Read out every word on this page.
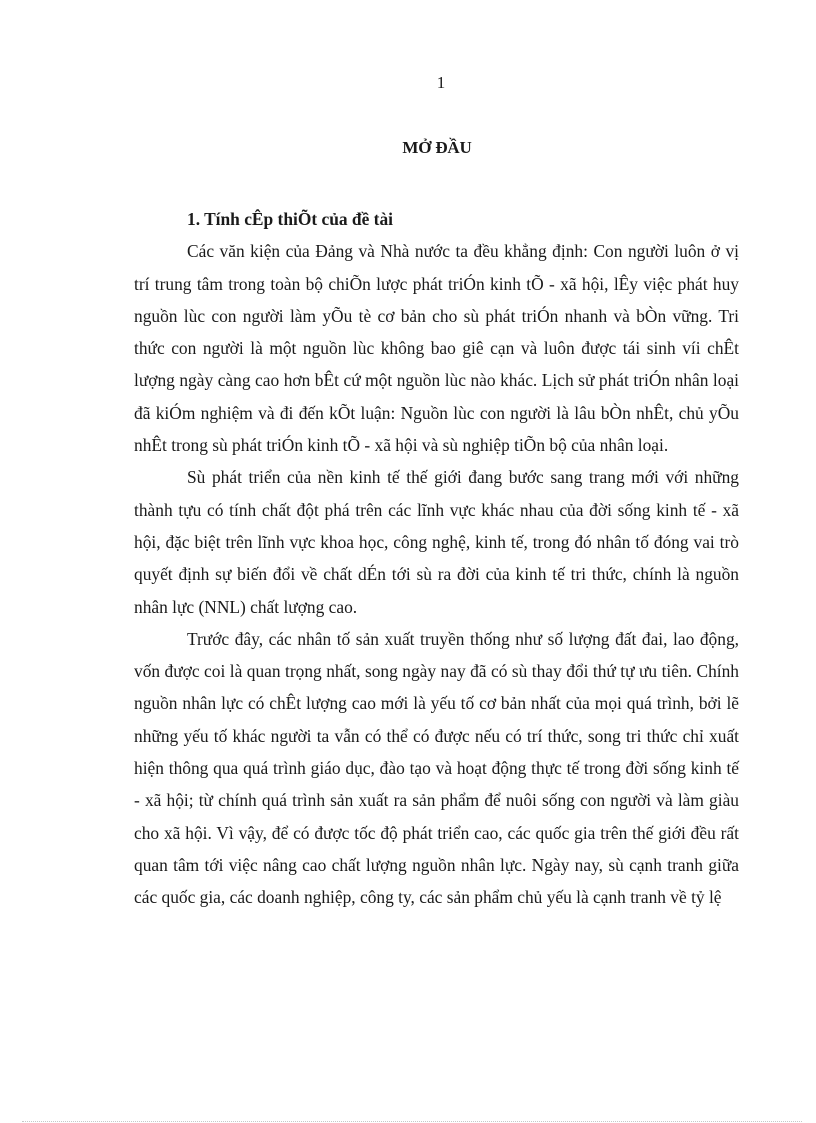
1
MỞ ĐẦU

1. Tính cÊp thiÕt của đề tài

Các văn kiện của Đảng và Nhà nước ta đều khẳng định: Con người luôn ở vị trí trung tâm trong toàn bộ chiÕn lược phát triÓn kinh tÕ - xã hội, lÊy việc phát huy nguồn lùc con người làm yÕu tè cơ bản cho sù phát triÓn nhanh và bÒn vững. Tri thức con người là một nguồn lùc không bao giê cạn và luôn được tái sinh víi chÊt lượng ngày càng cao hơn bÊt cứ một nguồn lùc nào khác. Lịch sử phát triÓn nhân loại đã kiÓm nghiệm và đi đến kÕt luận: Nguồn lùc con người là lâu bÒn nhÊt, chủ yÕu nhÊt trong sù phát triÓn kinh tÕ - xã hội và sù nghiệp tiÕn bộ của nhân loại.

Sù phát triển của nền kinh tế thế giới đang bước sang trang mới với những thành tựu có tính chất đột phá trên các lĩnh vực khác nhau của đời sống kinh tế - xã hội, đặc biệt trên lĩnh vực khoa học, công nghệ, kinh tế, trong đó nhân tố đóng vai trò quyết định sự biến đổi về chất dÉn tới sù ra đời của kinh tế tri thức, chính là nguồn nhân lực (NNL) chất lượng cao.

Trước đây, các nhân tố sản xuất truyền thống như số lượng đất đai, lao động, vốn được coi là quan trọng nhất, song ngày nay đã có sù thay đổi thứ tự ưu tiên. Chính nguồn nhân lực có chÊt lượng cao mới là yếu tố cơ bản nhất của mọi quá trình, bởi lẽ những yếu tố khác người ta vẫn có thể có được nếu có trí thức, song tri thức chỉ xuất hiện thông qua quá trình giáo dục, đào tạo và hoạt động thực tế trong đời sống kinh tế - xã hội; từ chính quá trình sản xuất ra sản phẩm để nuôi sống con người và làm giàu cho xã hội. Vì vậy, để có được tốc độ phát triển cao, các quốc gia trên thế giới đều rất quan tâm tới việc nâng cao chất lượng nguồn nhân lực. Ngày nay, sù cạnh tranh giữa các quốc gia, các doanh nghiệp, công ty, các sản phẩm chủ yếu là cạnh tranh về tỷ lệ
